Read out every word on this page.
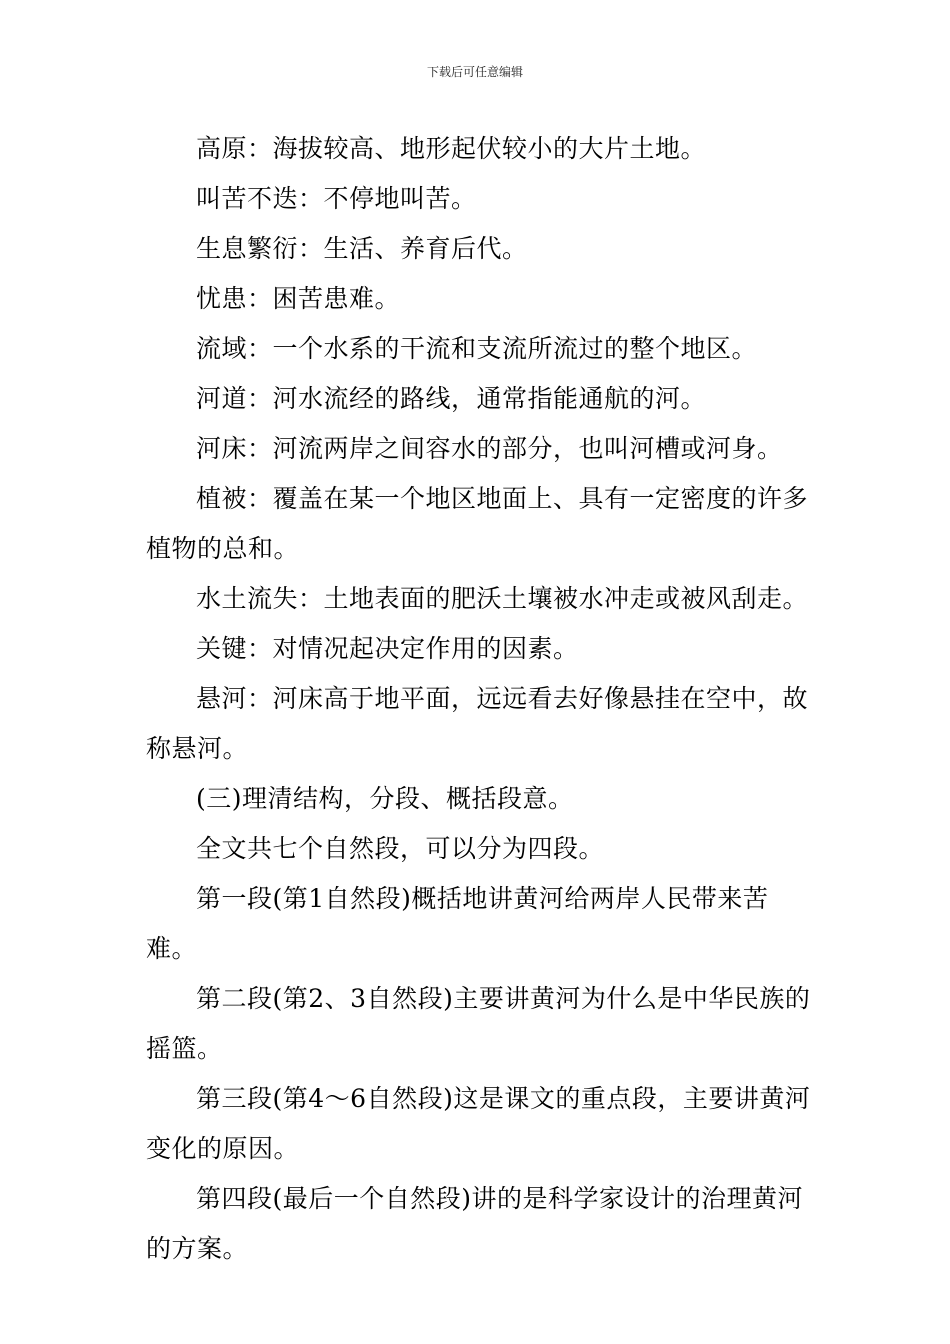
下载后可任意编辑

高原：海拔较高、地形起伏较小的大片土地。

叫苦不迭：不停地叫苦。

生息繁衍：生活、养育后代。

忧患：困苦患难。

流域：一个水系的干流和支流所流过的整个地区。

河道：河水流经的路线，通常指能通航的河。

河床：河流两岸之间容水的部分，也叫河槽或河身。

植被：覆盖在某一个地区地面上、具有一定密度的许多植物的总和。

水土流失：土地表面的肥沃土壤被水冲走或被风刮走。

关键：对情况起决定作用的因素。

悬河：河床高于地平面，远远看去好像悬挂在空中，故称悬河。

(三)理清结构，分段、概括段意。

全文共七个自然段，可以分为四段。

第一段(第1自然段)概括地讲黄河给两岸人民带来苦难。

第二段(第2、3自然段)主要讲黄河为什么是中华民族的摇篮。

第三段(第4～6自然段)这是课文的重点段，主要讲黄河变化的原因。

第四段(最后一个自然段)讲的是科学家设计的治理黄河的方案。
